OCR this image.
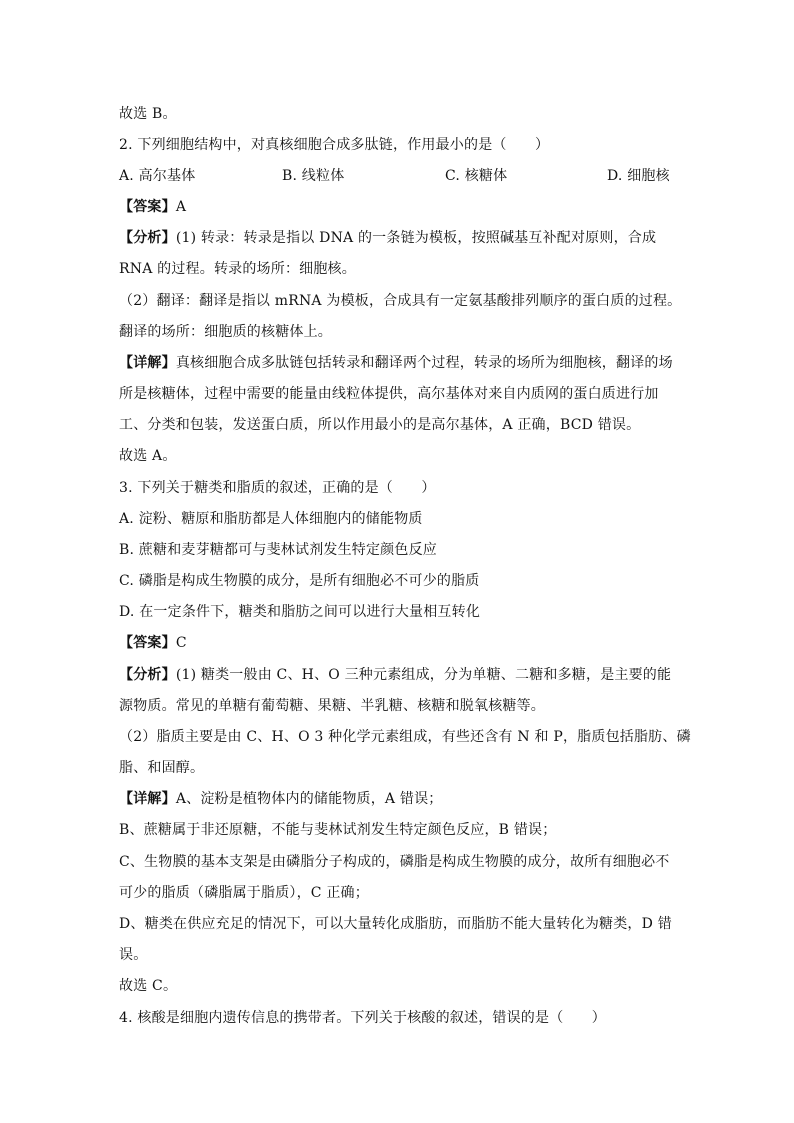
故选 B。
2. 下列细胞结构中，对真核细胞合成多肽链，作用最小的是（　　）
A. 高尔基体	B. 线粒体	C. 核糖体	D. 细胞核
【答案】A
【分析】(1) 转录：转录是指以 DNA 的一条链为模板，按照碱基互补配对原则，合成
RNA 的过程。转录的场所：细胞核。
（2）翻译：翻译是指以 mRNA 为模板，合成具有一定氨基酸排列顺序的蛋白质的过程。
翻译的场所：细胞质的核糖体上。
【详解】真核细胞合成多肽链包括转录和翻译两个过程，转录的场所为细胞核，翻译的场
所是核糖体，过程中需要的能量由线粒体提供，高尔基体对来自内质网的蛋白质进行加
工、分类和包装，发送蛋白质，所以作用最小的是高尔基体，A 正确，BCD 错误。
故选 A。
3. 下列关于糖类和脂质的叙述，正确的是（　　）
A. 淀粉、糖原和脂肪都是人体细胞内的储能物质
B. 蔗糖和麦芽糖都可与斐林试剂发生特定颜色反应
C. 磷脂是构成生物膜的成分，是所有细胞必不可少的脂质
D. 在一定条件下，糖类和脂肪之间可以进行大量相互转化
【答案】C
【分析】(1) 糖类一般由 C、H、O 三种元素组成，分为单糖、二糖和多糖，是主要的能
源物质。常见的单糖有葡萄糖、果糖、半乳糖、核糖和脱氧核糖等。
（2）脂质主要是由 C、H、O 3 种化学元素组成，有些还含有 N 和 P，脂质包括脂肪、磷
脂、和固醇。
【详解】A、淀粉是植物体内的储能物质，A 错误；
B、蔗糖属于非还原糖，不能与斐林试剂发生特定颜色反应，B 错误；
C、生物膜的基本支架是由磷脂分子构成的，磷脂是构成生物膜的成分，故所有细胞必不
可少的脂质（磷脂属于脂质），C 正确；
D、糖类在供应充足的情况下，可以大量转化成脂肪，而脂肪不能大量转化为糖类，D 错
误。
故选 C。
4. 核酸是细胞内遗传信息的携带者。下列关于核酸的叙述，错误的是（　　）
